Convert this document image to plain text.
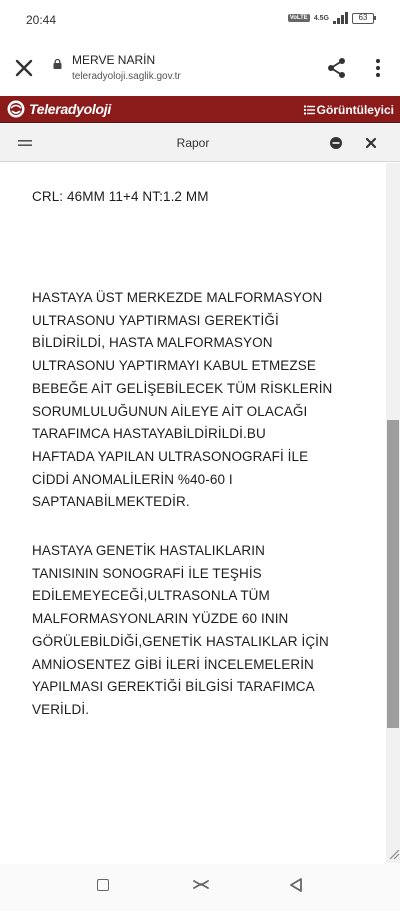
20:44	VoLTE 4.5G	63
MERVE NARİN
teleradyoloji.saglik.gov.tr
Teleradyoloji	Görüntüleyici
Rapor
CRL: 46MM 11+4 NT:1.2 MM
HASTAYA ÜST MERKEZDE MALFORMASYON
ULTRASONU YAPTIRMASI GEREKTİĞİ
BİLDİRİLDİ, HASTA MALFORMASYON
ULTRASONU YAPTIRMAYI KABUL ETMEZSE
BEBEĞE AİT GELİŞEBİLECEK TÜM RİSKLERİN
SORUMLULUĞUNUN AİLEYE AİT OLACAĞI
TARAFIMCA HASTAYABİLDİRİLDİ.BU
HAFTADA YAPILAN ULTRASONOGRAFİ İLE
CİDDİ ANOMALİLERİN %40-60 I
SAPTANABİLMEKTEDİR.
HASTAYA GENETİK HASTALIKLARIN
TANISININ SONOGRAFİ İLE TEŞHİS
EDİLEMEYECEĞİ,ULTRASONLA TÜM
MALFORMASYONLARIN YÜZDE 60 ININ
GÖRÜLEBİLDİĞİ,GENETİK HASTALIKLAR İÇİN
AMNİOSENTEZ GİBİ İLERİ İNCELEMELERİN
YAPILMASI GEREKTİĞİ BİLGİSİ TARAFIMCA
VERİLDİ.
